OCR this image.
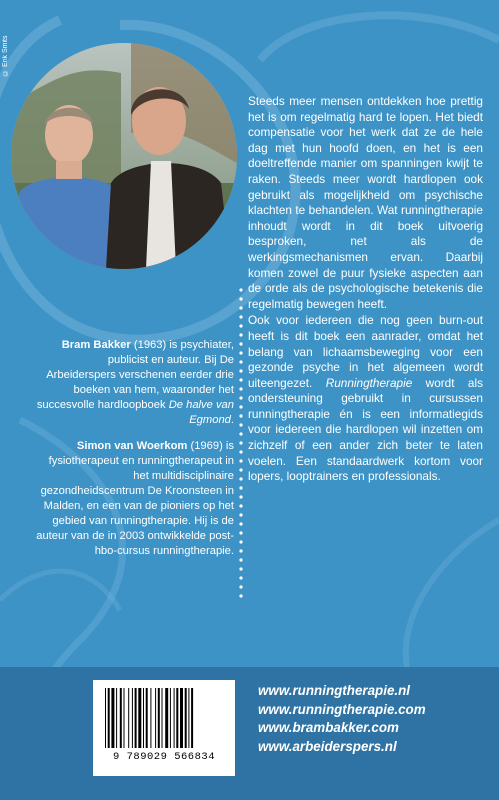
© Erik Smits

Bram Bakker (1963) is psychiater, publicist en auteur. Bij De Arbeiderspers verschenen eerder drie boeken van hem, waaronder het succesvolle hardloopboek De halve van Egmond.

Simon van Woerkom (1969) is fysiotherapeut en runningtherapeut in het multidisciplinaire gezondheidscentrum De Kroonsteen in Malden, en een van de pioniers op het gebied van runningtherapie. Hij is de auteur van de in 2003 ontwikkelde post-hbo-cursus runningtherapie.

Steeds meer mensen ontdekken hoe prettig het is om regelmatig hard te lopen. Het biedt compensatie voor het werk dat ze de hele dag met hun hoofd doen, en het is een doeltreffende manier om spanningen kwijt te raken. Steeds meer wordt hardlopen ook gebruikt als mogelijkheid om psychische klachten te behandelen. Wat runningtherapie inhoudt wordt in dit boek uitvoerig besproken, net als de werkingsmechanismen ervan. Daarbij komen zowel de puur fysieke aspecten aan de orde als de psychologische betekenis die regelmatig bewegen heeft.

Ook voor iedereen die nog geen burn-out heeft is dit boek een aanrader, omdat het belang van lichaamsbeweging voor een gezonde psyche in het algemeen wordt uiteengezet. Runningtherapie wordt als ondersteuning gebruikt in cursussen runningtherapie én is een informatiegids voor iedereen die hardlopen wil inzetten om zichzelf of een ander zich beter te laten voelen. Een standaardwerk kortom voor lopers, looptrainers en professionals.

9 789029 566834
www.runningtherapie.nl
www.runningtherapie.com
www.brambakker.com
www.arbeiderspers.nl
